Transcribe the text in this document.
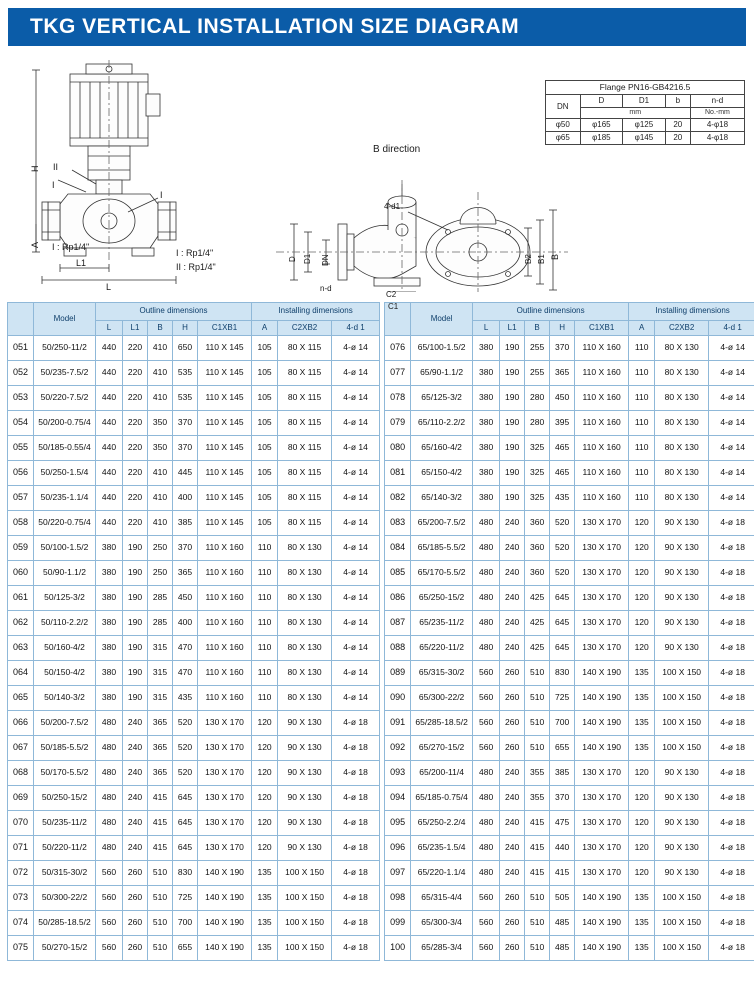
TKG VERTICAL INSTALLATION SIZE DIAGRAM
H
A
L1
L
II
I
I
I : Rp1/4"
B direction
4-d1
n-d
D D1 DN
C2
C1
B2 B1 B
I : Rp1/4"
II : Rp1/4"
Flange PN16-GB4216.5				
DN	D	D1	b	n-d
	mm			No.-mm
φ50	φ165	φ125	20	4-φ18
φ65	φ185	φ145	20	4-φ18
	Model	Outline dimensions					Installing dimensions		
		L	L1	B	H	C1XB1	A	C2XB2	4-d 1
051	50/250-11/2	440	220	410	650	110 X 145	105	80 X 115	4-ø 14
052	50/235-7.5/2	440	220	410	535	110 X 145	105	80 X 115	4-ø 14
053	50/220-7.5/2	440	220	410	535	110 X 145	105	80 X 115	4-ø 14
054	50/200-0.75/4	440	220	350	370	110 X 145	105	80 X 115	4-ø 14
055	50/185-0.55/4	440	220	350	370	110 X 145	105	80 X 115	4-ø 14
056	50/250-1.5/4	440	220	410	445	110 X 145	105	80 X 115	4-ø 14
057	50/235-1.1/4	440	220	410	400	110 X 145	105	80 X 115	4-ø 14
058	50/220-0.75/4	440	220	410	385	110 X 145	105	80 X 115	4-ø 14
059	50/100-1.5/2	380	190	250	370	110 X 160	110	80 X 130	4-ø 14
060	50/90-1.1/2	380	190	250	365	110 X 160	110	80 X 130	4-ø 14
061	50/125-3/2	380	190	285	450	110 X 160	110	80 X 130	4-ø 14
062	50/110-2.2/2	380	190	285	400	110 X 160	110	80 X 130	4-ø 14
063	50/160-4/2	380	190	315	470	110 X 160	110	80 X 130	4-ø 14
064	50/150-4/2	380	190	315	470	110 X 160	110	80 X 130	4-ø 14
065	50/140-3/2	380	190	315	435	110 X 160	110	80 X 130	4-ø 14
066	50/200-7.5/2	480	240	365	520	130 X 170	120	90 X 130	4-ø 18
067	50/185-5.5/2	480	240	365	520	130 X 170	120	90 X 130	4-ø 18
068	50/170-5.5/2	480	240	365	520	130 X 170	120	90 X 130	4-ø 18
069	50/250-15/2	480	240	415	645	130 X 170	120	90 X 130	4-ø 18
070	50/235-11/2	480	240	415	645	130 X 170	120	90 X 130	4-ø 18
071	50/220-11/2	480	240	415	645	130 X 170	120	90 X 130	4-ø 18
072	50/315-30/2	560	260	510	830	140 X 190	135	100 X 150	4-ø 18
073	50/300-22/2	560	260	510	725	140 X 190	135	100 X 150	4-ø 18
074	50/285-18.5/2	560	260	510	700	140 X 190	135	100 X 150	4-ø 18
075	50/270-15/2	560	260	510	655	140 X 190	135	100 X 150	4-ø 18
	Model	Outline dimensions					Installing dimensions		
		L	L1	B	H	C1XB1	A	C2XB2	4-d 1
076	65/100-1.5/2	380	190	255	370	110 X 160	110	80 X 130	4-ø 14
077	65/90-1.1/2	380	190	255	365	110 X 160	110	80 X 130	4-ø 14
078	65/125-3/2	380	190	280	450	110 X 160	110	80 X 130	4-ø 14
079	65/110-2.2/2	380	190	280	395	110 X 160	110	80 X 130	4-ø 14
080	65/160-4/2	380	190	325	465	110 X 160	110	80 X 130	4-ø 14
081	65/150-4/2	380	190	325	465	110 X 160	110	80 X 130	4-ø 14
082	65/140-3/2	380	190	325	435	110 X 160	110	80 X 130	4-ø 14
083	65/200-7.5/2	480	240	360	520	130 X 170	120	90 X 130	4-ø 18
084	65/185-5.5/2	480	240	360	520	130 X 170	120	90 X 130	4-ø 18
085	65/170-5.5/2	480	240	360	520	130 X 170	120	90 X 130	4-ø 18
086	65/250-15/2	480	240	425	645	130 X 170	120	90 X 130	4-ø 18
087	65/235-11/2	480	240	425	645	130 X 170	120	90 X 130	4-ø 18
088	65/220-11/2	480	240	425	645	130 X 170	120	90 X 130	4-ø 18
089	65/315-30/2	560	260	510	830	140 X 190	135	100 X 150	4-ø 18
090	65/300-22/2	560	260	510	725	140 X 190	135	100 X 150	4-ø 18
091	65/285-18.5/2	560	260	510	700	140 X 190	135	100 X 150	4-ø 18
092	65/270-15/2	560	260	510	655	140 X 190	135	100 X 150	4-ø 18
093	65/200-11/4	480	240	355	385	130 X 170	120	90 X 130	4-ø 18
094	65/185-0.75/4	480	240	355	370	130 X 170	120	90 X 130	4-ø 18
095	65/250-2.2/4	480	240	415	475	130 X 170	120	90 X 130	4-ø 18
096	65/235-1.5/4	480	240	415	440	130 X 170	120	90 X 130	4-ø 18
097	65/220-1.1/4	480	240	415	415	130 X 170	120	90 X 130	4-ø 18
098	65/315-4/4	560	260	510	505	140 X 190	135	100 X 150	4-ø 18
099	65/300-3/4	560	260	510	485	140 X 190	135	100 X 150	4-ø 18
100	65/285-3/4	560	260	510	485	140 X 190	135	100 X 150	4-ø 18
